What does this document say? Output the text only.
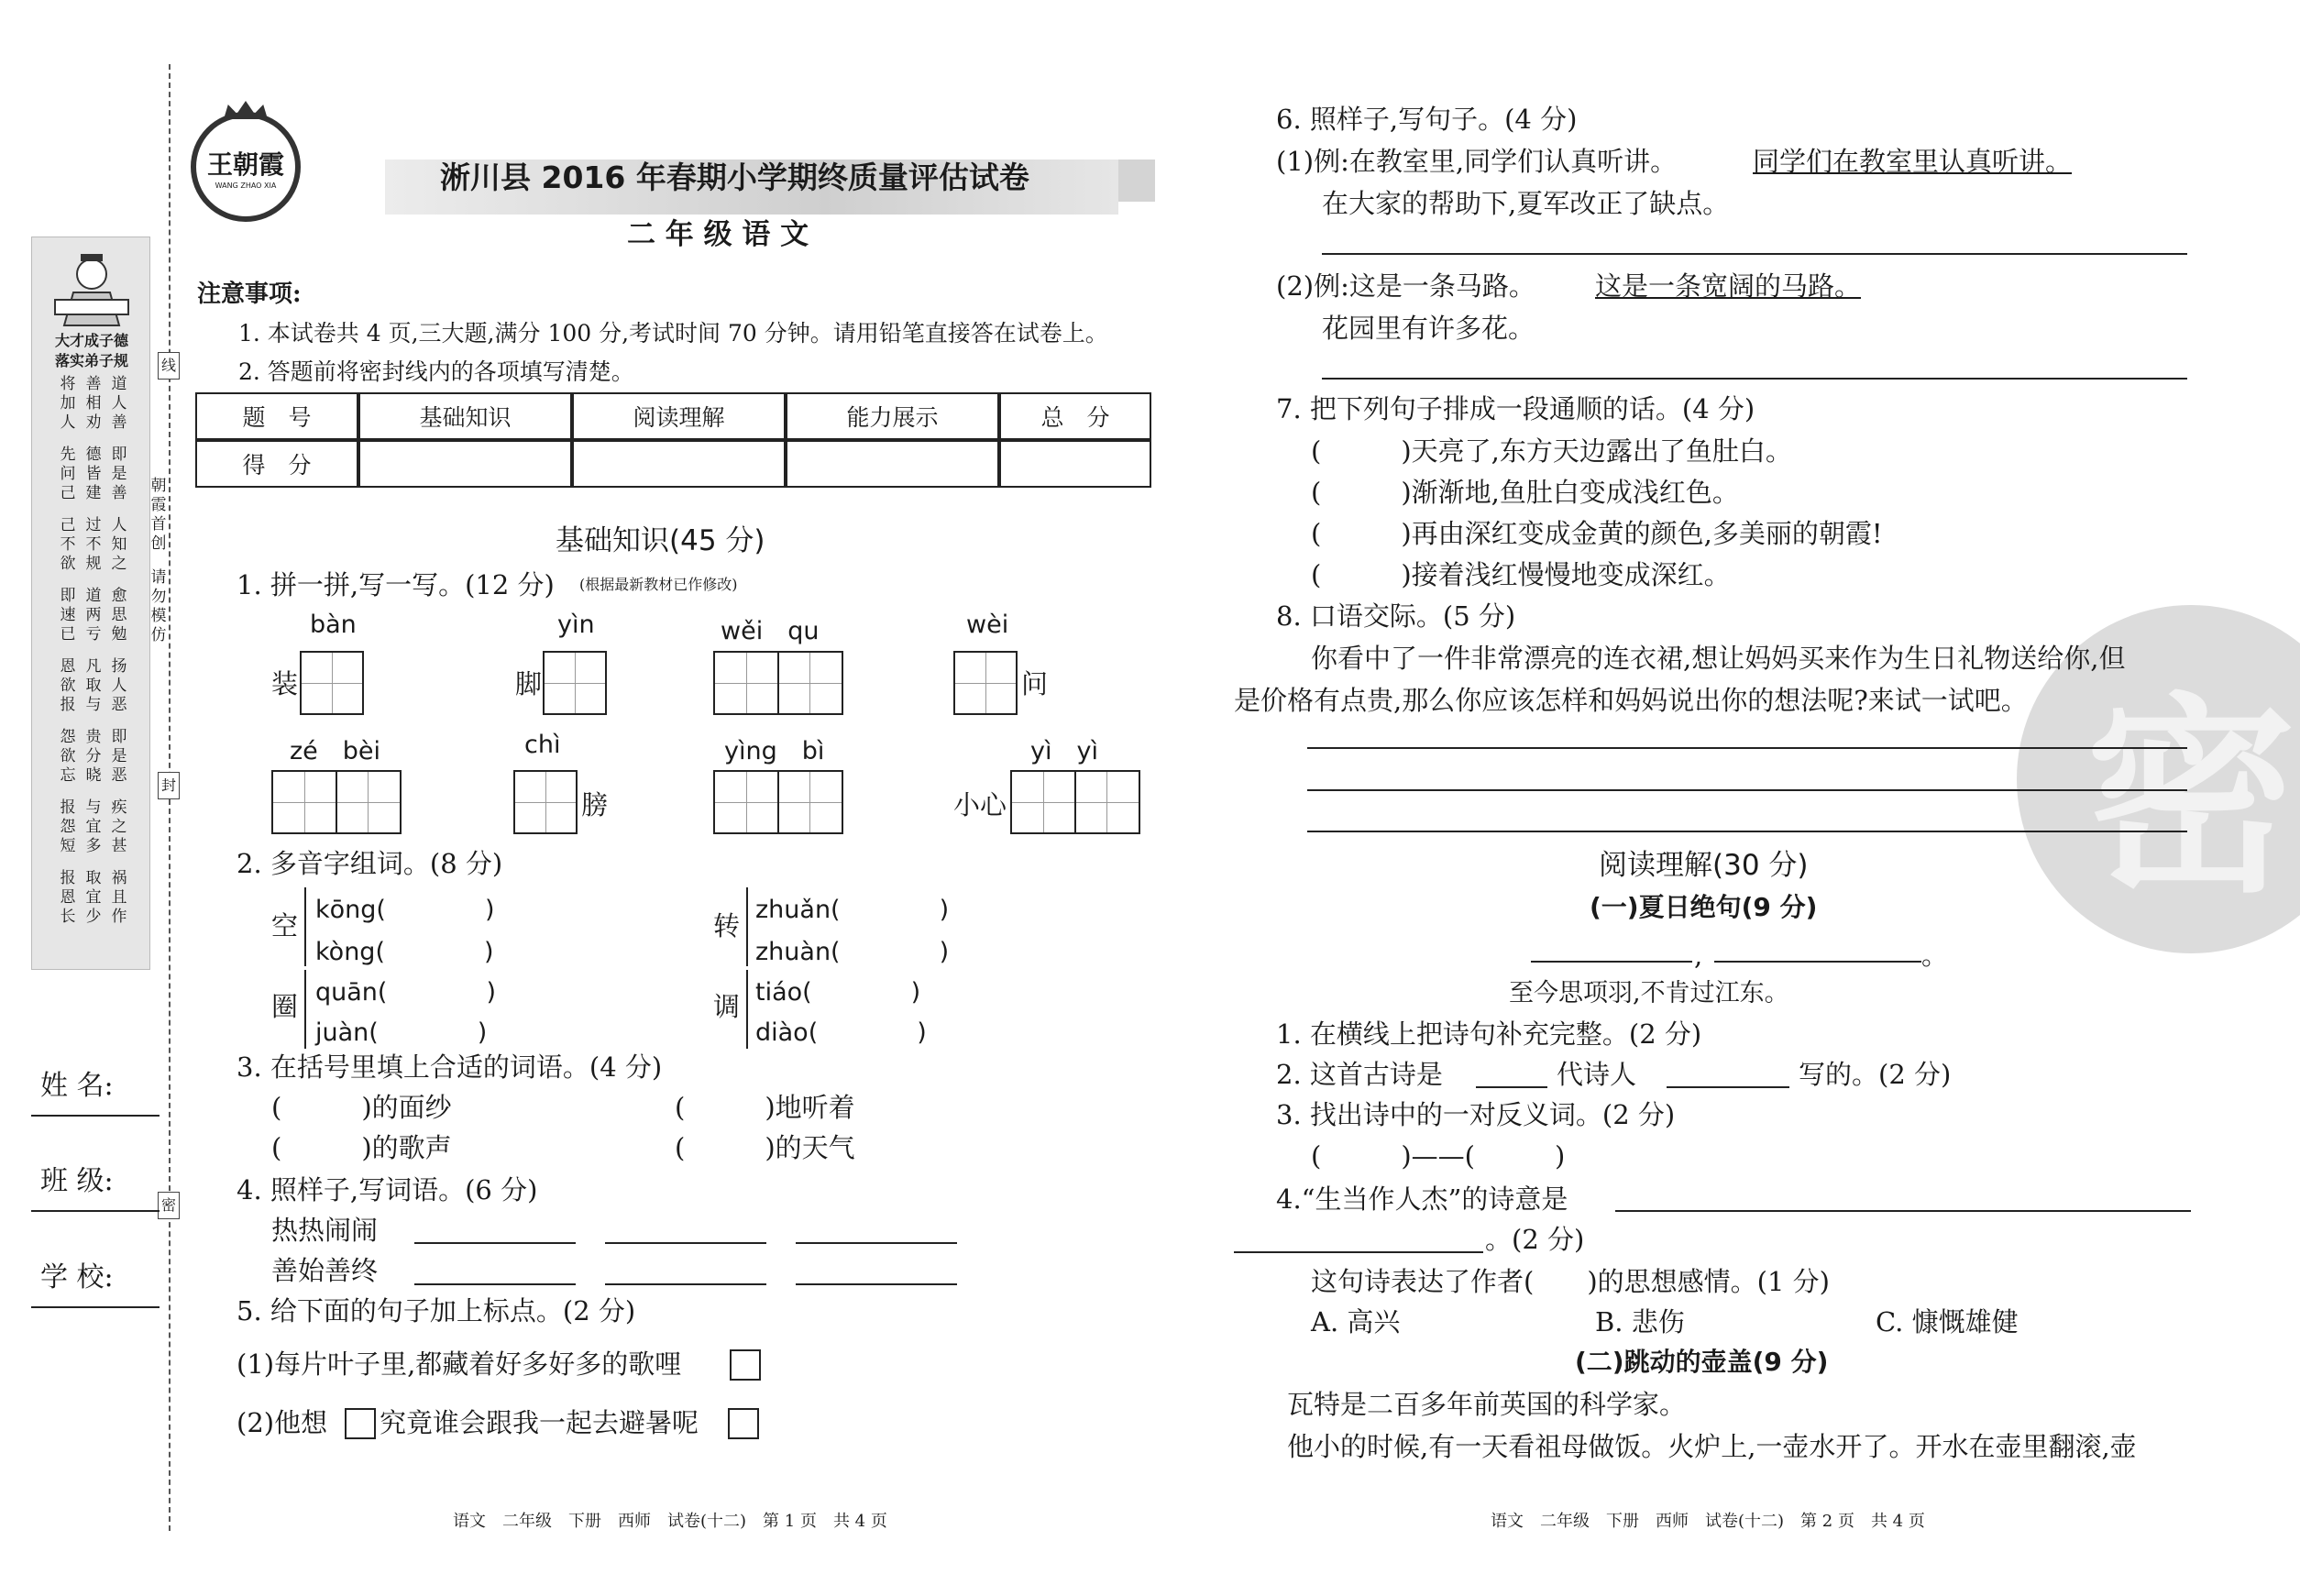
线
封
密
朝霞首创
请勿模仿
大才成子德
落实弟子规
将加人
善相劝
道人善
先问己
德皆建
即是善
己不欲
过不规
人知之
即速已
道两亏
愈思勉
恩欲报
凡取与
扬人恶
怨欲忘
贵分晓
即是恶
报怨短
与宜多
疾之甚
报恩长
取宜少
祸且作
姓 名:
班 级:
学 校:
王朝霞
WANG ZHAO XIA	淅川县 2016 年春期小学期终质量评估试卷
二 年 级 语 文
注意事项:
1. 本试卷共 4 页,三大题,满分 100 分,考试时间 70 分钟。请用铅笔直接答在试卷上。
2. 答题前将密封线内的各项填写清楚。
题　号	基础知识	阅读理解	能力展示	总　分
得　分
基础知识(45 分)
1. 拼一拼,写一写。(12 分) (根据最新教材已作修改)
bàn
装
yìn
脚
wěi　qu	wèi
问
zé　bèi	chì
膀
yìng　bì	yì　yì
小心
2. 多音字组词。(8 分)
空
kōng(　　　　)
kòng(　　　　)
转
zhuǎn(　　　　)
zhuàn(　　　　)
圈 quān(　　　　)
juàn(　　　　)
调 tiáo(　　　　)
diào(　　　　)
3. 在括号里填上合适的词语。(4 分)
(　　　)的面纱	(　　　)地听着
(　　　)的歌声	(　　　)的天气
4. 照样子,写词语。(6 分)
热热闹闹
善始善终
5. 给下面的句子加上标点。(2 分)
(1)每片叶子里,都藏着好多好多的歌哩
(2)他想 究竟谁会跟我一起去避暑呢
语文　二年级　下册　西师　试卷(十二)　第 1 页　共 4 页
密
6. 照样子,写句子。(4 分)
(1)例:在教室里,同学们认真听讲。	同学们在教室里认真听讲。
在大家的帮助下,夏军改正了缺点。
(2)例:这是一条马路。 这是一条宽阔的马路。
花园里有许多花。
7. 把下列句子排成一段通顺的话。(4 分)
(　　　)天亮了,东方天边露出了鱼肚白。
(　　　)渐渐地,鱼肚白变成浅红色。
(　　　)再由深红变成金黄的颜色,多美丽的朝霞!
(　　　)接着浅红慢慢地变成深红。
8. 口语交际。(5 分)
你看中了一件非常漂亮的连衣裙,想让妈妈买来作为生日礼物送给你,但
是价格有点贵,那么你应该怎样和妈妈说出你的想法呢?来试一试吧。
阅读理解(30 分)
(一)夏日绝句(9 分)
,	。
至今思项羽,不肯过江东。
1. 在横线上把诗句补充完整。(2 分)
2. 这首古诗是	代诗人	写的。(2 分)
3. 找出诗中的一对反义词。(2 分)
(　　　)——(　　　)
4.“生当作人杰”的诗意是
。(2 分)
这句诗表达了作者(　　)的思想感情。(1 分)
A. 高兴	B. 悲伤	C. 慷慨雄健
(二)跳动的壶盖(9 分)
瓦特是二百多年前英国的科学家。
他小的时候,有一天看祖母做饭。火炉上,一壶水开了。开水在壶里翻滚,壶
语文　二年级　下册　西师　试卷(十二)　第 2 页　共 4 页
